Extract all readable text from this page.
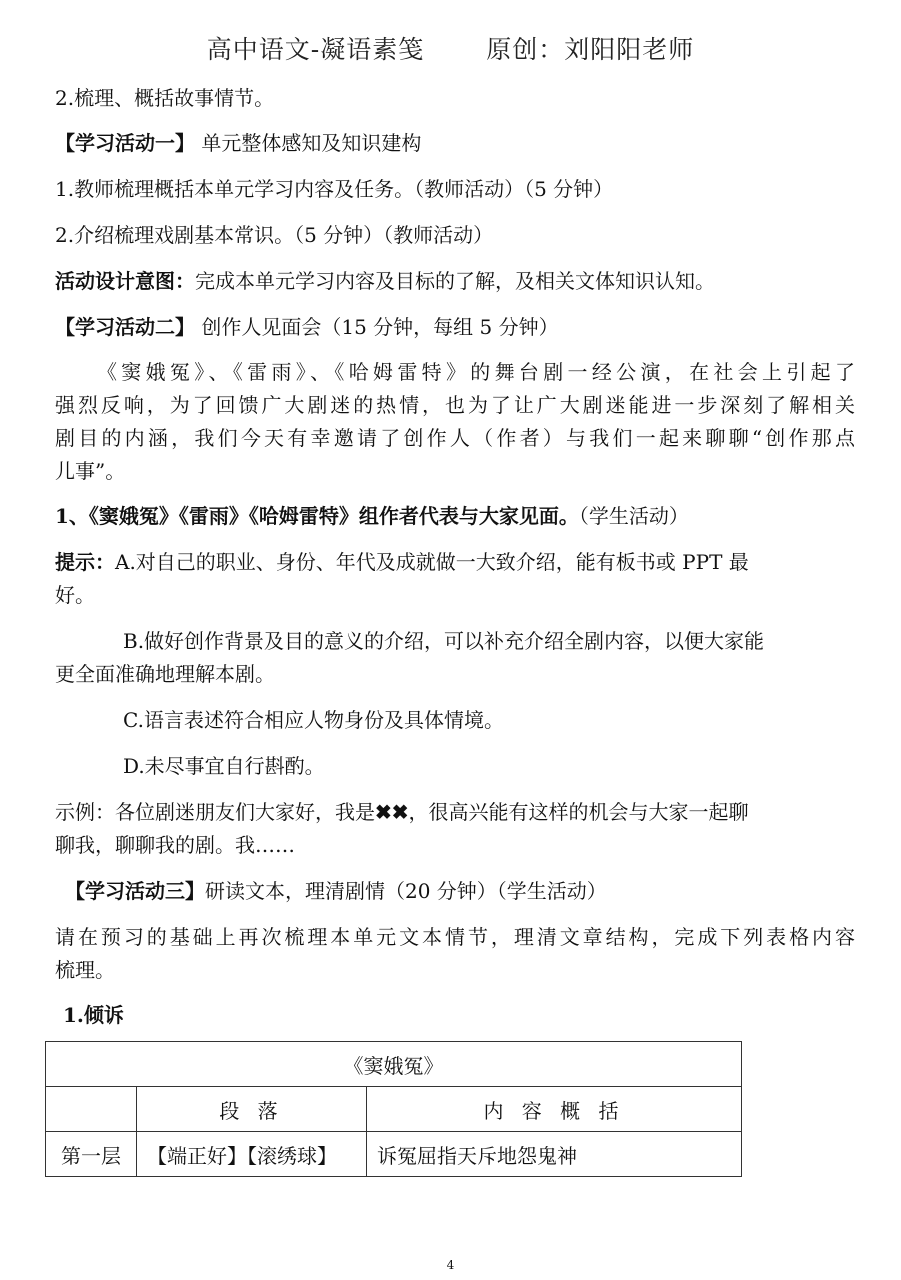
高中语文-凝语素笺 原创：刘阳阳老师
2.梳理、概括故事情节。
【学习活动一】 单元整体感知及知识建构
1.教师梳理概括本单元学习内容及任务。（教师活动）（5 分钟）
2.介绍梳理戏剧基本常识。（5 分钟）（教师活动）
活动设计意图：完成本单元学习内容及目标的了解，及相关文体知识认知。
【学习活动二】 创作人见面会（15 分钟，每组 5 分钟）
《窦娥冤》、《雷雨》、《哈姆雷特》的舞台剧一经公演，在社会上引起了
强烈反响，为了回馈广大剧迷的热情，也为了让广大剧迷能进一步深刻了解相关
剧目的内涵，我们今天有幸邀请了创作人（作者）与我们一起来聊聊“创作那点
儿事”。
1、《窦娥冤》《雷雨》《哈姆雷特》组作者代表与大家见面。（学生活动）
提示：A.对自己的职业、身份、年代及成就做一大致介绍，能有板书或 PPT 最
好。
B.做好创作背景及目的意义的介绍，可以补充介绍全剧内容，以便大家能
更全面准确地理解本剧。
C.语言表述符合相应人物身份及具体情境。
D.未尽事宜自行斟酌。
示例：各位剧迷朋友们大家好，我是✖✖，很高兴能有这样的机会与大家一起聊
聊我，聊聊我的剧。我……
【学习活动三】研读文本，理清剧情（20 分钟）（学生活动）
请在预习的基础上再次梳理本单元文本情节，理清文章结构，完成下列表格内容
梳理。
1.倾诉
《窦娥冤》		
	段 落	内 容 概 括
第一层	【端正好】【滚绣球】	诉冤屈指天斥地怨鬼神
4
